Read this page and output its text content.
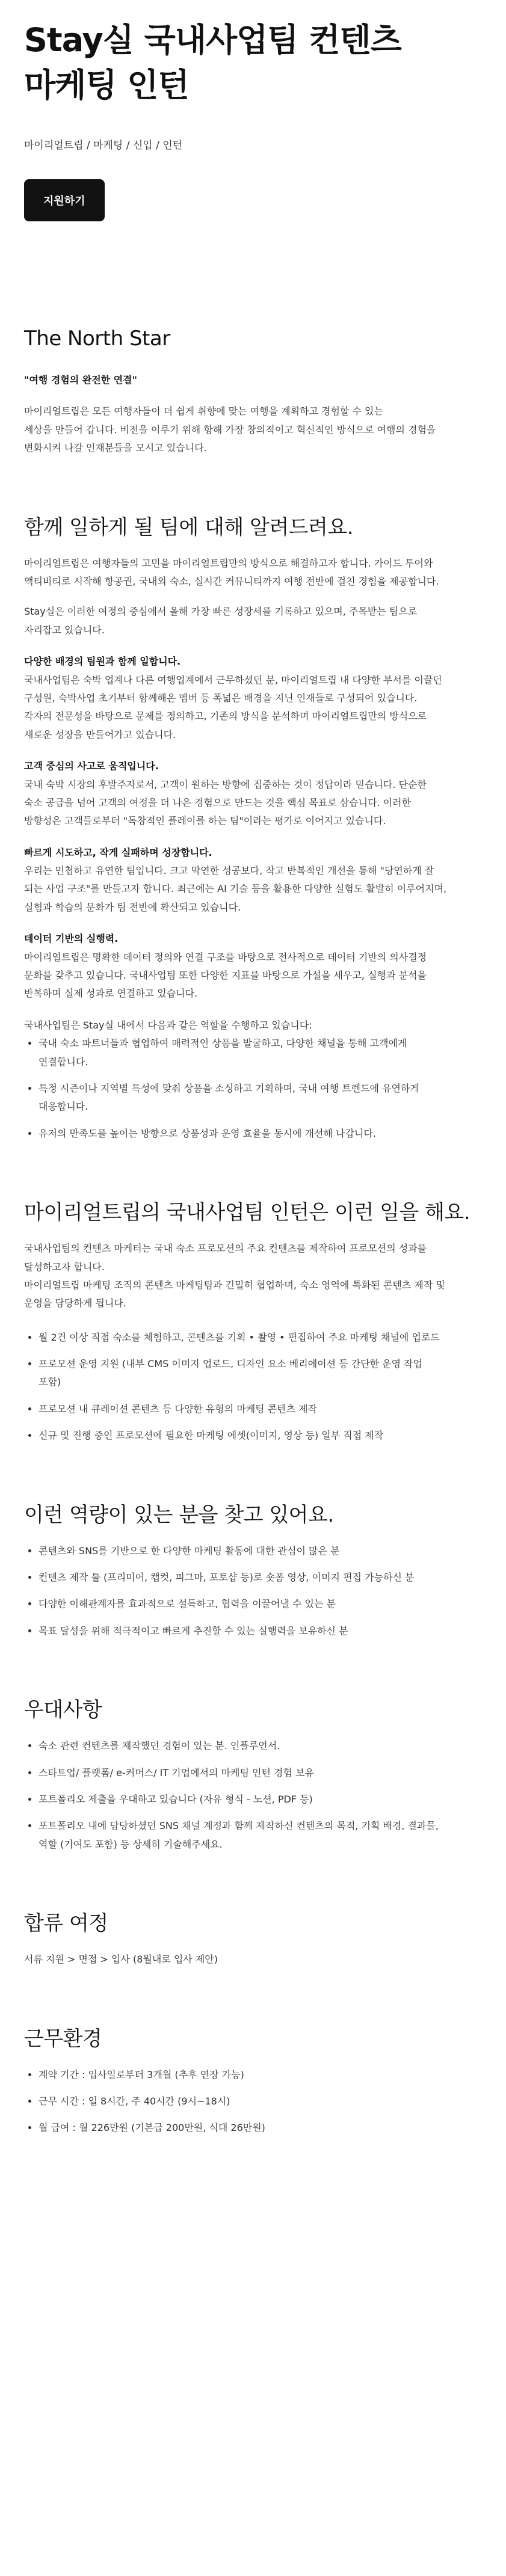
Stay실 국내사업팀 컨텐츠
마케팅 인턴
마이리얼트립 / 마케팅 / 신입 / 인턴
지원하기
The North Star

"여행 경험의 완전한 연결"

마이리얼트립은 모든 여행자들이 더 쉽게 취향에 맞는 여행을 계획하고 경험할 수 있는

세상을 만들어 갑니다. 비전을 이루기 위해 항해 가장 창의적이고 혁신적인 방식으로 여행의 경험을

변화시켜 나갈 인재분들을 모시고 있습니다.

함께 일하게 될 팀에 대해 알려드려요.

마이리얼트립은 여행자들의 고민을 마이리얼트립만의 방식으로 해결하고자 합니다. 가이드 투어와

액티비티로 시작해 항공권, 국내외 숙소, 실시간 커뮤니티까지 여행 전반에 걸친 경험을 제공합니다.

Stay실은 이러한 여정의 중심에서 올해 가장 빠른 성장세를 기록하고 있으며, 주목받는 팀으로

자리잡고 있습니다.

다양한 배경의 팀원과 함께 일합니다.

국내사업팀은 숙박 업계나 다른 여행업계에서 근무하셨던 분, 마이리얼트립 내 다양한 부서를 이끌던

구성원, 숙박사업 초기부터 함께해온 멤버 등 폭넓은 배경을 지닌 인재들로 구성되어 있습니다.

각자의 전문성을 바탕으로 문제를 정의하고, 기존의 방식을 분석하며 마이리얼트립만의 방식으로

새로운 성장을 만들어가고 있습니다.

고객 중심의 사고로 움직입니다.

국내 숙박 시장의 후발주자로서, 고객이 원하는 방향에 집중하는 것이 정답이라 믿습니다. 단순한

숙소 공급을 넘어 고객의 여정을 더 나은 경험으로 만드는 것을 핵심 목표로 삼습니다. 이러한

방향성은 고객들로부터 "독창적인 플레이를 하는 팀"이라는 평가로 이어지고 있습니다.

빠르게 시도하고, 작게 실패하며 성장합니다.

우리는 민첩하고 유연한 팀입니다. 크고 막연한 성공보다, 작고 반복적인 개선을 통해 "당연하게 잘

되는 사업 구조"를 만들고자 합니다. 최근에는 AI 기술 등을 활용한 다양한 실험도 활발히 이루어지며,

실험과 학습의 문화가 팀 전반에 확산되고 있습니다.

데이터 기반의 실행력.

마이리얼트립은 명확한 데이터 정의와 연결 구조를 바탕으로 전사적으로 데이터 기반의 의사결정

문화를 갖추고 있습니다. 국내사업팀 또한 다양한 지표를 바탕으로 가설을 세우고, 실행과 분석을

반복하며 실제 성과로 연결하고 있습니다.

국내사업팀은 Stay실 내에서 다음과 같은 역할을 수행하고 있습니다:

• 국내 숙소 파트너들과 협업하여 매력적인 상품을 발굴하고, 다양한 채널을 통해 고객에게
연결합니다.
• 특정 시즌이나 지역별 특성에 맞춰 상품을 소싱하고 기획하며, 국내 여행 트렌드에 유연하게
대응합니다.
• 유저의 만족도를 높이는 방향으로 상품성과 운영 효율을 동시에 개선해 나갑니다.
마이리얼트립의 국내사업팀 인턴은 이런 일을 해요.

국내사업팀의 컨텐츠 마케터는 국내 숙소 프로모션의 주요 컨텐츠를 제작하여 프로모션의 성과를

달성하고자 합니다.

마이리얼트립 마케팅 조직의 콘텐츠 마케팅팀과 긴밀히 협업하며, 숙소 영역에 특화된 콘텐츠 제작 및

운영을 담당하게 됩니다.

• 월 2건 이상 직접 숙소를 체험하고, 콘텐츠를 기획 • 촬영 • 편집하여 주요 마케팅 채널에 업로드
• 프로모션 운영 지원 (내부 CMS 이미지 업로드, 디자인 요소 베리에이션 등 간단한 운영 작업
포함)
• 프로모션 내 큐레이션 콘텐츠 등 다양한 유형의 마케팅 콘텐츠 제작
• 신규 및 진행 중인 프로모션에 필요한 마케팅 에셋(이미지, 영상 등) 일부 직접 제작
이런 역량이 있는 분을 찾고 있어요.
• 콘텐츠와 SNS를 기반으로 한 다양한 마케팅 활동에 대한 관심이 많은 분
• 컨텐츠 제작 툴 (프리미어, 캡컷, 피그마, 포토샵 등)로 숏폼 영상, 이미지 편집 가능하신 분
• 다양한 이해관계자를 효과적으로 설득하고, 협력을 이끌어낼 수 있는 분
• 목표 달성을 위해 적극적이고 빠르게 추진할 수 있는 실행력을 보유하신 분
우대사항
• 숙소 관련 컨텐츠를 제작했던 경험이 있는 분. 인플루언서.
• 스타트업/ 플랫폼/ e-커머스/ IT 기업에서의 마케팅 인턴 경험 보유
• 포트폴리오 제출을 우대하고 있습니다 (자유 형식 - 노션, PDF 등)
• 포트폴리오 내에 담당하셨던 SNS 채널 계정과 함께 제작하신 컨텐츠의 목적, 기획 배경, 결과물,
역할 (기여도 포함) 등 상세히 기술해주세요.
합류 여정

서류 지원 > 면접 > 입사 (8월내로 입사 제안)

근무환경
• 계약 기간 : 입사일로부터 3개월 (추후 연장 가능)
• 근무 시간 : 일 8시간, 주 40시간 (9시~18시)
• 월 급여 : 월 226만원 (기본급 200만원, 식대 26만원)
